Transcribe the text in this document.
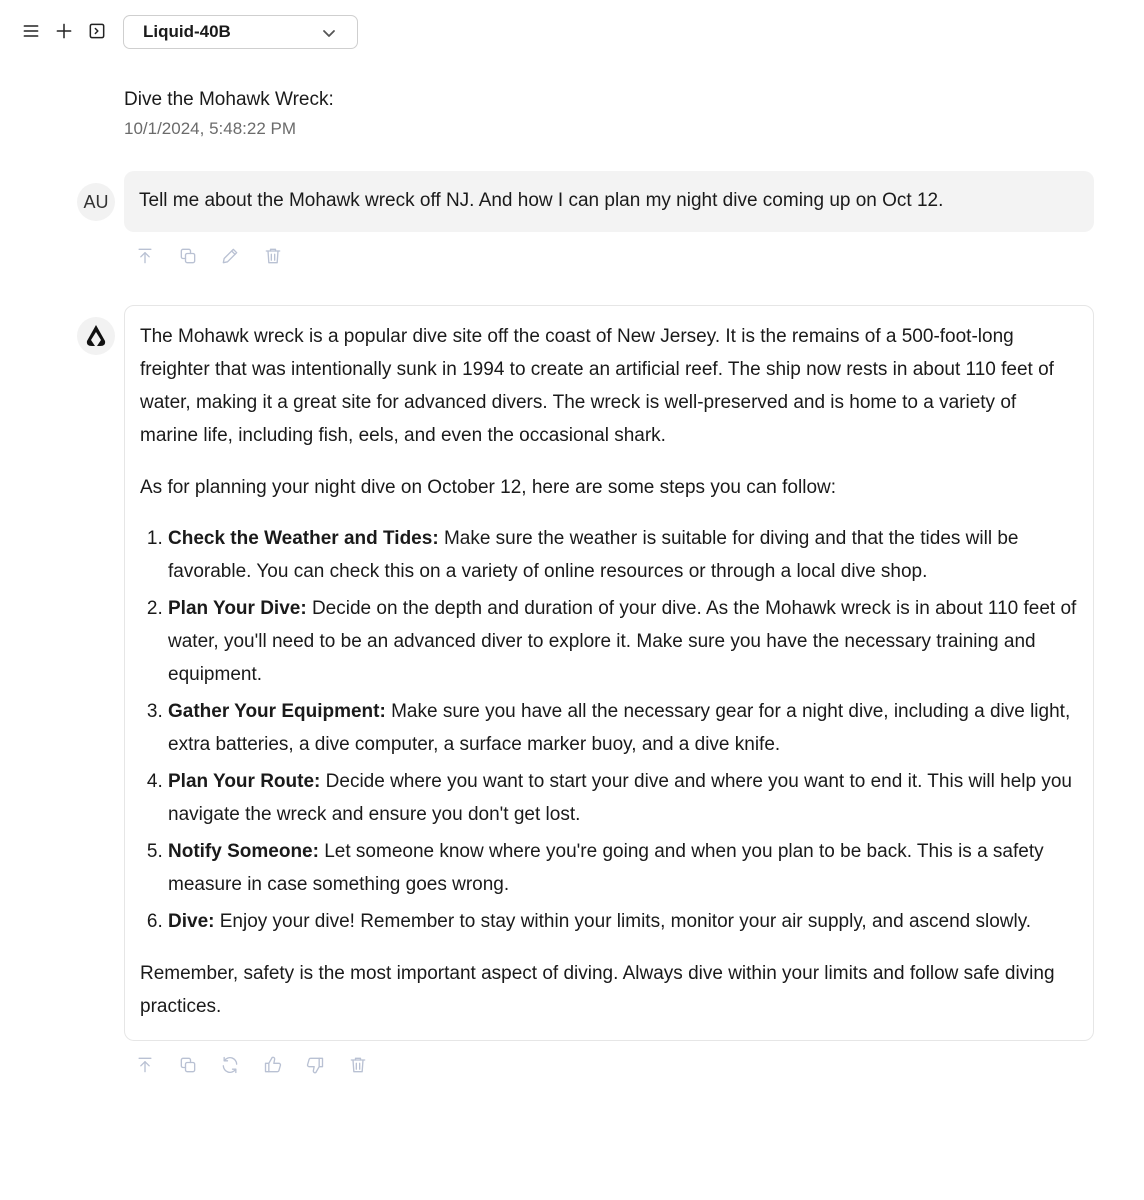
Liquid-40B
Dive the Mohawk Wreck:
10/1/2024, 5:48:22 PM
AU	Tell me about the Mohawk wreck off NJ. And how I can plan my night dive coming up on Oct 12.

The Mohawk wreck is a popular dive site off the coast of New Jersey. It is the remains of a 500-foot-long freighter that was intentionally sunk in 1994 to create an artificial reef. The ship now rests in about 110 feet of water, making it a great site for advanced divers. The wreck is well-preserved and is home to a variety of marine life, including fish, eels, and even the occasional shark.

As for planning your night dive on October 12, here are some steps you can follow:

1. Check the Weather and Tides: Make sure the weather is suitable for diving and that the tides will be favorable. You can check this on a variety of online resources or through a local dive shop.
2. Plan Your Dive: Decide on the depth and duration of your dive. As the Mohawk wreck is in about 110 feet of water, you'll need to be an advanced diver to explore it. Make sure you have the necessary training and equipment.
3. Gather Your Equipment: Make sure you have all the necessary gear for a night dive, including a dive light, extra batteries, a dive computer, a surface marker buoy, and a dive knife.
4. Plan Your Route: Decide where you want to start your dive and where you want to end it. This will help you navigate the wreck and ensure you don't get lost.
5. Notify Someone: Let someone know where you're going and when you plan to be back. This is a safety measure in case something goes wrong.
6. Dive: Enjoy your dive! Remember to stay within your limits, monitor your air supply, and ascend slowly.

Remember, safety is the most important aspect of diving. Always dive within your limits and follow safe diving practices.
